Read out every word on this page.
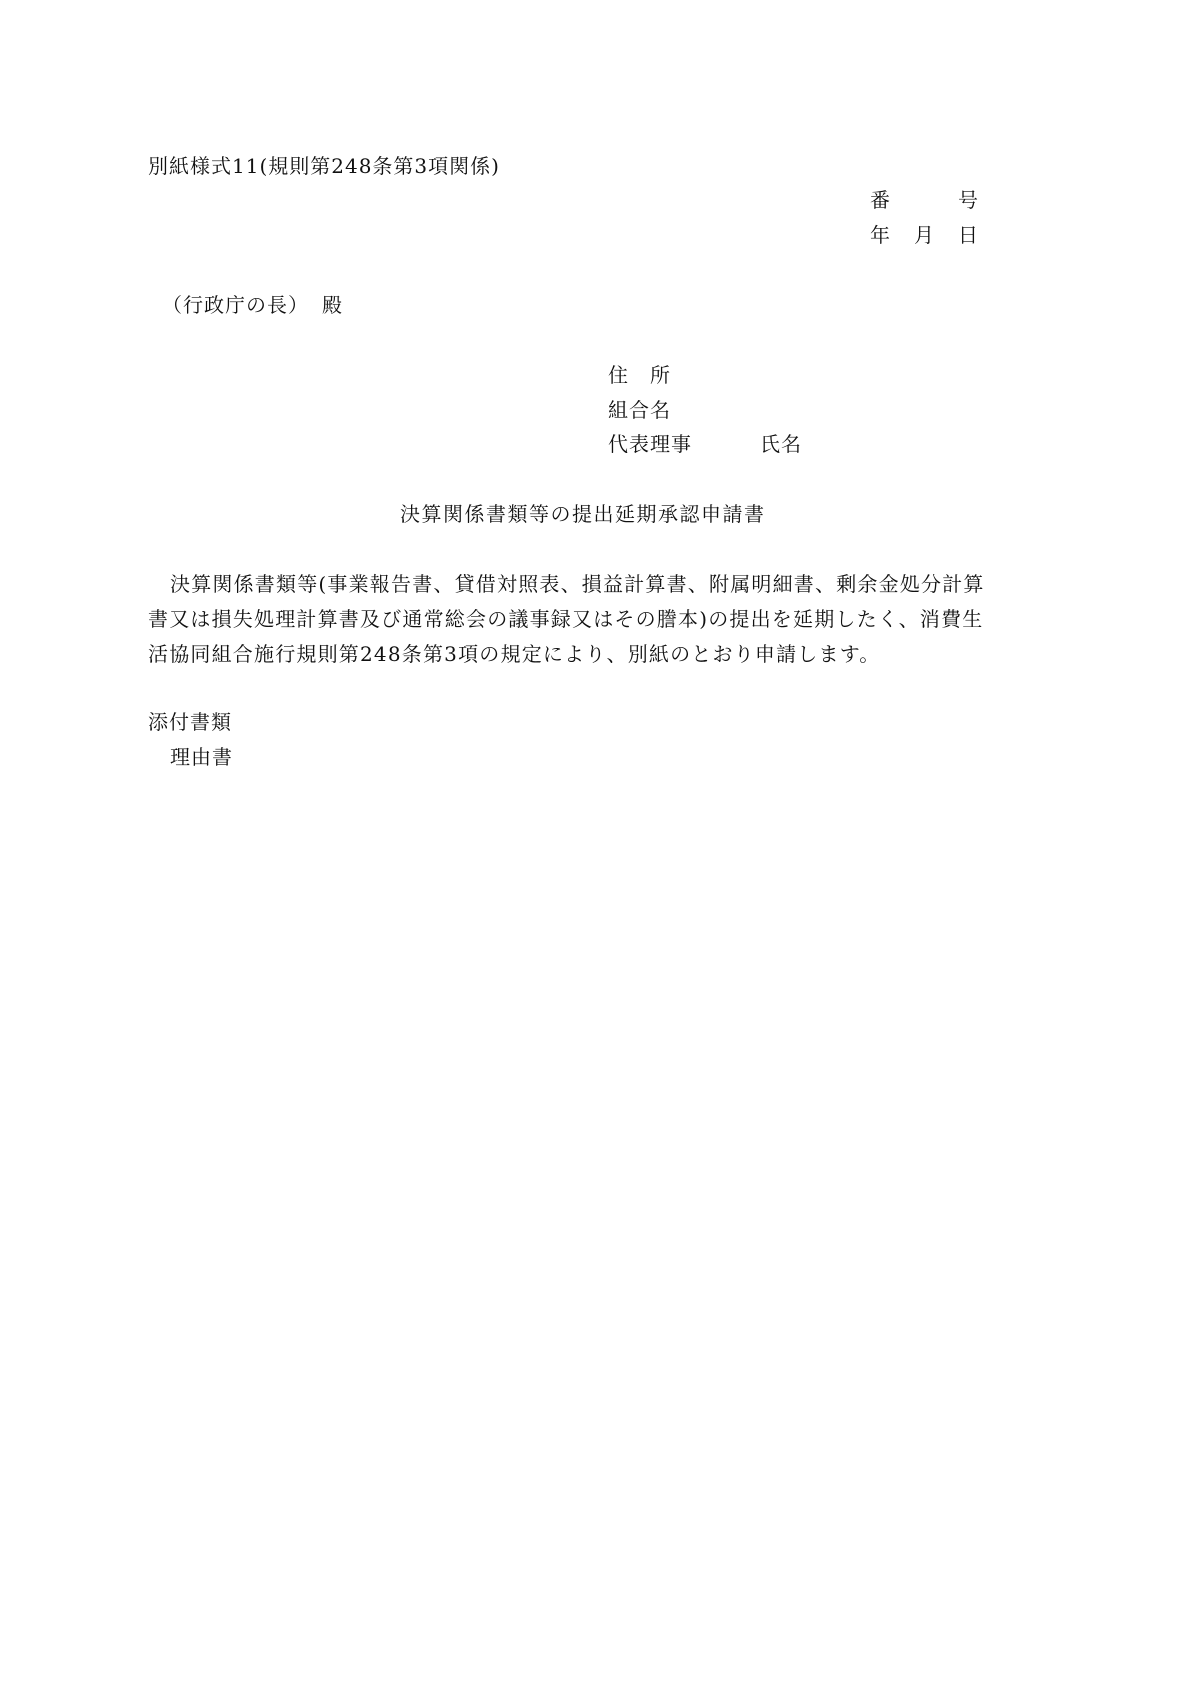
別紙様式11(規則第248条第3項関係)
番	号
年 月 日
（行政庁の長） 殿
住　所
組合名
代表理事	氏名
決算関係書類等の提出延期承認申請書
決算関係書類等(事業報告書、貸借対照表、損益計算書、附属明細書、剰余金処分計算
書又は損失処理計算書及び通常総会の議事録又はその謄本)の提出を延期したく、消費生
活協同組合施行規則第248条第3項の規定により、別紙のとおり申請します。
添付書類
理由書
